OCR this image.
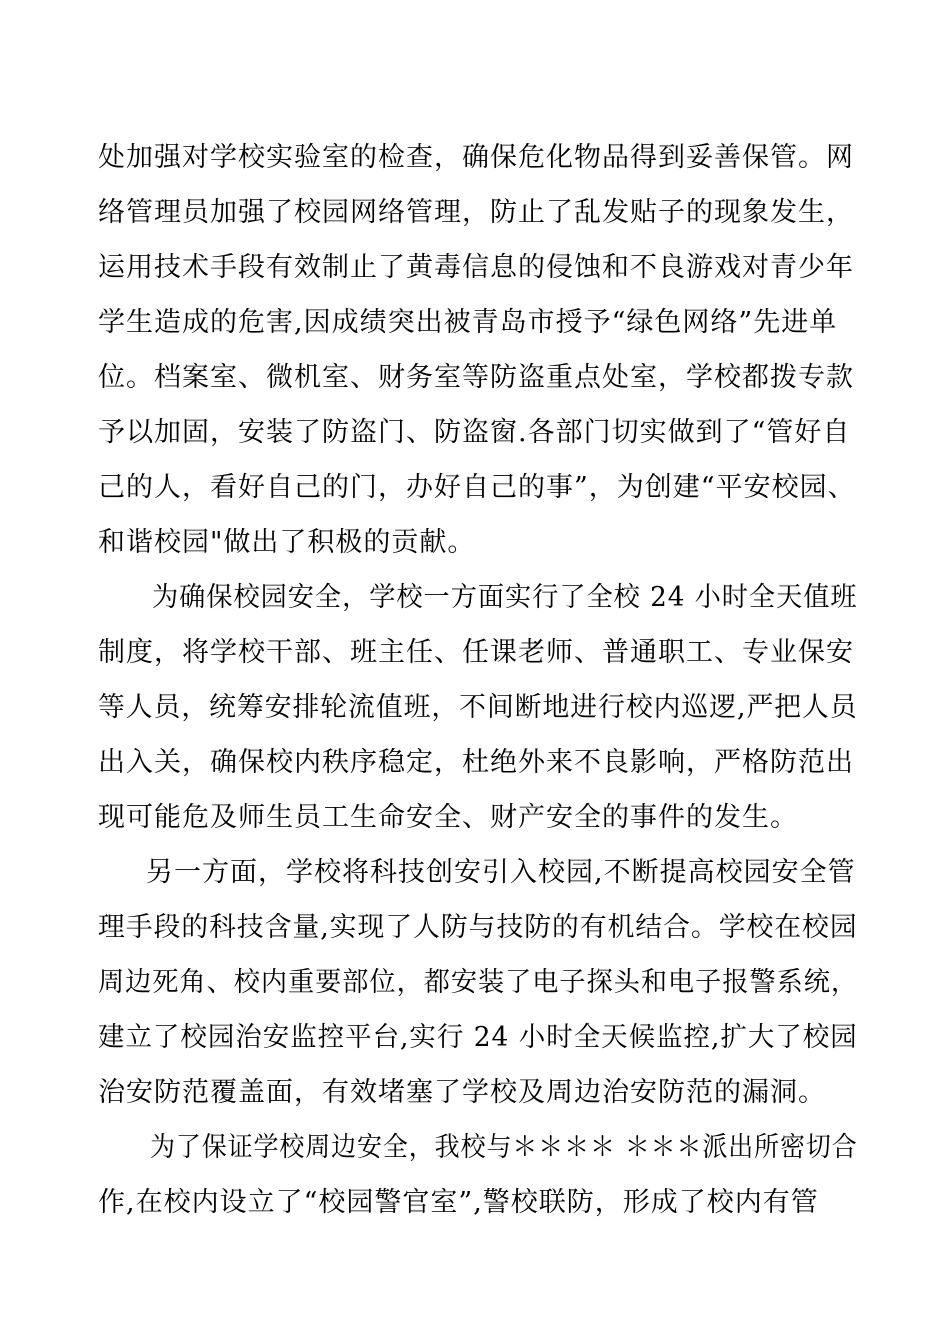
处加强对学校实验室的检查，确保危化物品得到妥善保管。网
络管理员加强了校园网络管理，防止了乱发贴子的现象发生，
运用技术手段有效制止了黄毒信息的侵蚀和不良游戏对青少年
学生造成的危害,因成绩突出被青岛市授予“绿色网络”先进单
位。档案室、微机室、财务室等防盗重点处室，学校都拨专款
予以加固，安装了防盗门、防盗窗.各部门切实做到了“管好自
己的人，看好自己的门，办好自己的事”，为创建“平安校园、
和谐校园"做出了积极的贡献。
为确保校园安全，学校一方面实行了全校 24 小时全天值班
制度，将学校干部、班主任、任课老师、普通职工、专业保安
等人员，统筹安排轮流值班，不间断地进行校内巡逻,严把人员
出入关，确保校内秩序稳定，杜绝外来不良影响，严格防范出
现可能危及师生员工生命安全、财产安全的事件的发生。
另一方面，学校将科技创安引入校园,不断提高校园安全管
理手段的科技含量,实现了人防与技防的有机结合。学校在校园
周边死角、校内重要部位，都安装了电子探头和电子报警系统，
建立了校园治安监控平台,实行 24 小时全天候监控,扩大了校园
治安防范覆盖面，有效堵塞了学校及周边治安防范的漏洞。
为了保证学校周边安全，我校与＊＊＊＊ ＊＊＊派出所密切合
作,在校内设立了“校园警官室”,警校联防，形成了校内有管
